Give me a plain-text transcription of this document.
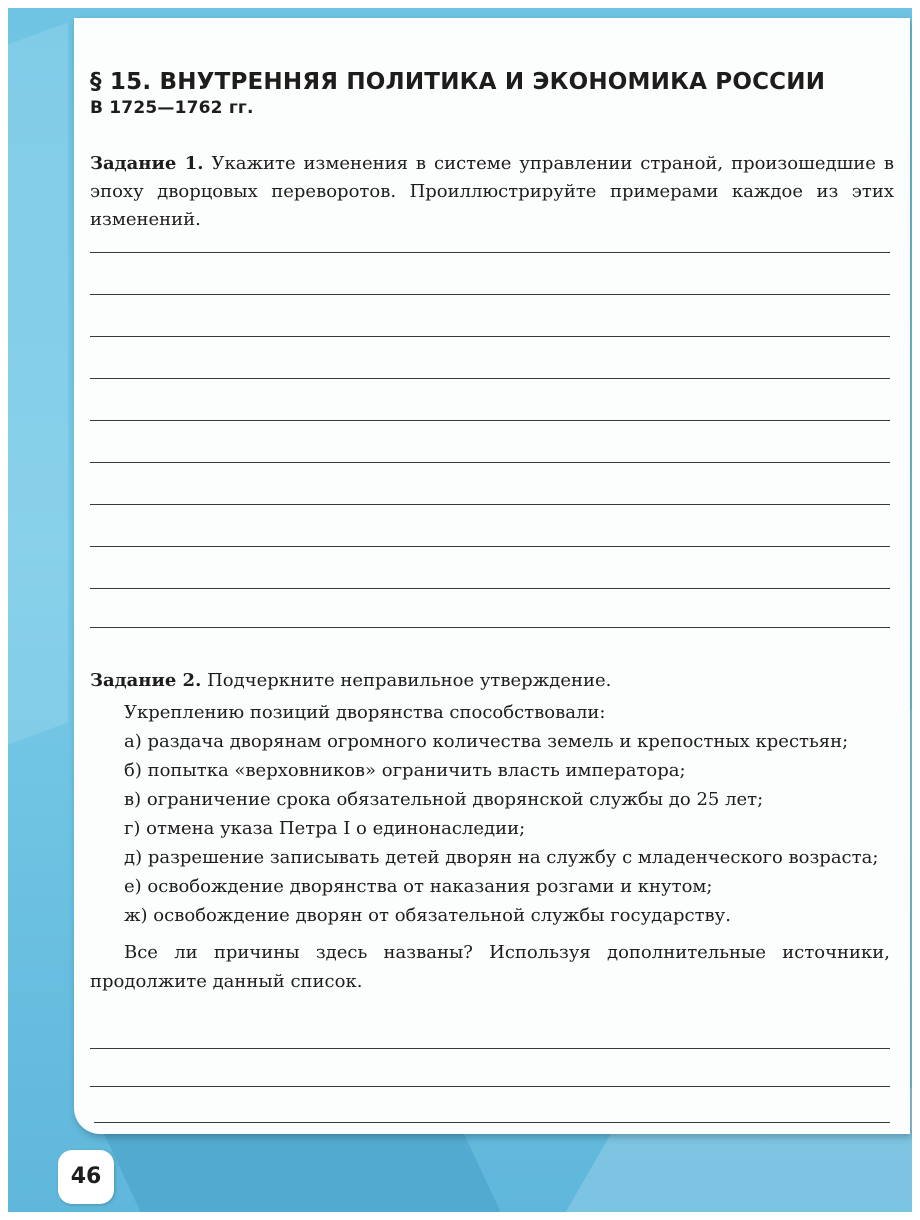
§ 15. ВНУТРЕННЯЯ ПОЛИТИКА И ЭКОНОМИКА РОССИИ
В 1725—1762 гг.
Задание 1. Укажите изменения в системе управлении страной, произошедшие в эпоху дворцовых переворотов. Проиллюстрируйте примерами каждое из этих изменений.
Задание 2. Подчеркните неправильное утверждение.

Укреплению позиций дворянства способствовали:

а) раздача дворянам огромного количества земель и крепостных крестьян;

б) попытка «верховников» ограничить власть императора;

в) ограничение срока обязательной дворянской службы до 25 лет;

г) отмена указа Петра I о единонаследии;

д) разрешение записывать детей дворян на службу с младенческого возраста;

е) освобождение дворянства от наказания розгами и кнутом;

ж) освобождение дворян от обязательной службы государству.

Все ли причины здесь названы? Используя дополнительные источники, продолжите данный список.

46
